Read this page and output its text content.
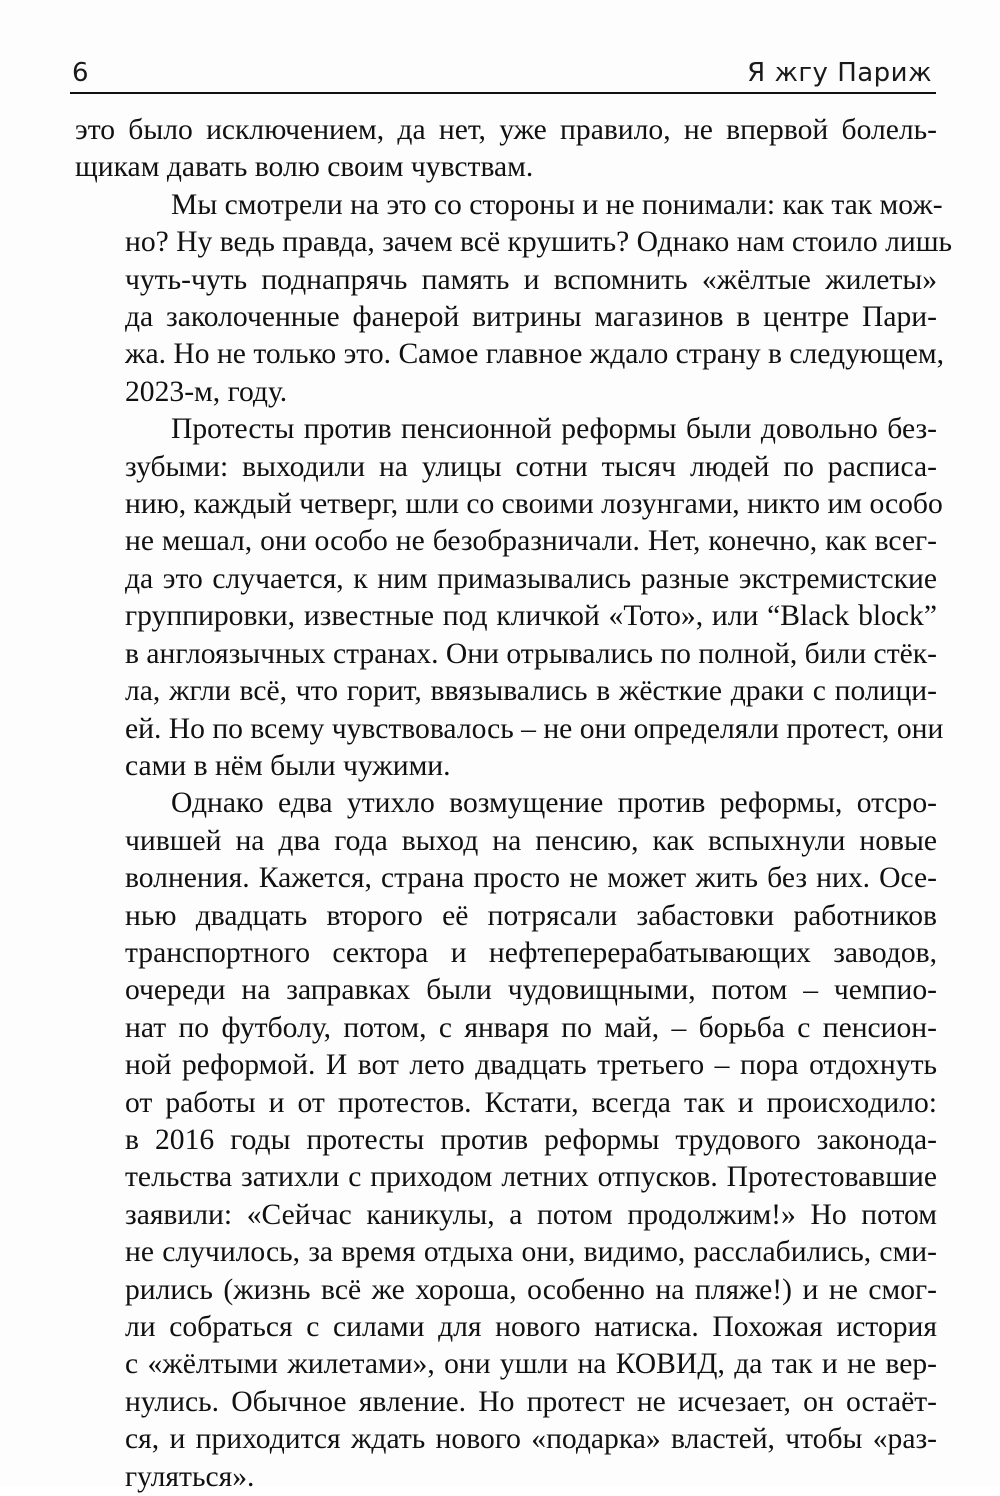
6	Я жгу Париж

это было исключением, да нет, уже правило, не впервой болель-
щикам давать волю своим чувствам.

Мы смотрели на это со стороны и не понимали: как так мож-
но? Ну ведь правда, зачем всё крушить? Однако нам стоило лишь
чуть-чуть поднапрячь память и вспомнить «жёлтые жилеты»
да заколоченные фанерой витрины магазинов в центре Пари-
жа. Но не только это. Самое главное ждало страну в следующем,
2023-м, году.

Протесты против пенсионной реформы были довольно без-
зубыми: выходили на улицы сотни тысяч людей по расписа-
нию, каждый четверг, шли со своими лозунгами, никто им особо
не мешал, они особо не безобразничали. Нет, конечно, как всег-
да это случается, к ним примазывались разные экстремистские
группировки, известные под кличкой «Тото», или “Black block”
в англоязычных странах. Они отрывались по полной, били стёк-
ла, жгли всё, что горит, ввязывались в жёсткие драки с полици-
ей. Но по всему чувствовалось – не они определяли протест, они
сами в нём были чужими.

Однако едва утихло возмущение против реформы, отсро-
чившей на два года выход на пенсию, как вспыхнули новые
волнения. Кажется, страна просто не может жить без них. Осе-
нью двадцать второго её потрясали забастовки работников
транспортного сектора и нефтеперерабатывающих заводов,
очереди на заправках были чудовищными, потом – чемпио-
нат по футболу, потом, с января по май, – борьба с пенсион-
ной реформой. И вот лето двадцать третьего – пора отдохнуть
от работы и от протестов. Кстати, всегда так и происходило:
в 2016 годы протесты против реформы трудового законода-
тельства затихли с приходом летних отпусков. Протестовавшие
заявили: «Сейчас каникулы, а потом продолжим!» Но потом
не случилось, за время отдыха они, видимо, расслабились, сми-
рились (жизнь всё же хороша, особенно на пляже!) и не смог-
ли собраться с силами для нового натиска. Похожая история
с «жёлтыми жилетами», они ушли на КОВИД, да так и не вер-
нулись. Обычное явление. Но протест не исчезает, он остаёт-
ся, и приходится ждать нового «подарка» властей, чтобы «раз-
гуляться».
